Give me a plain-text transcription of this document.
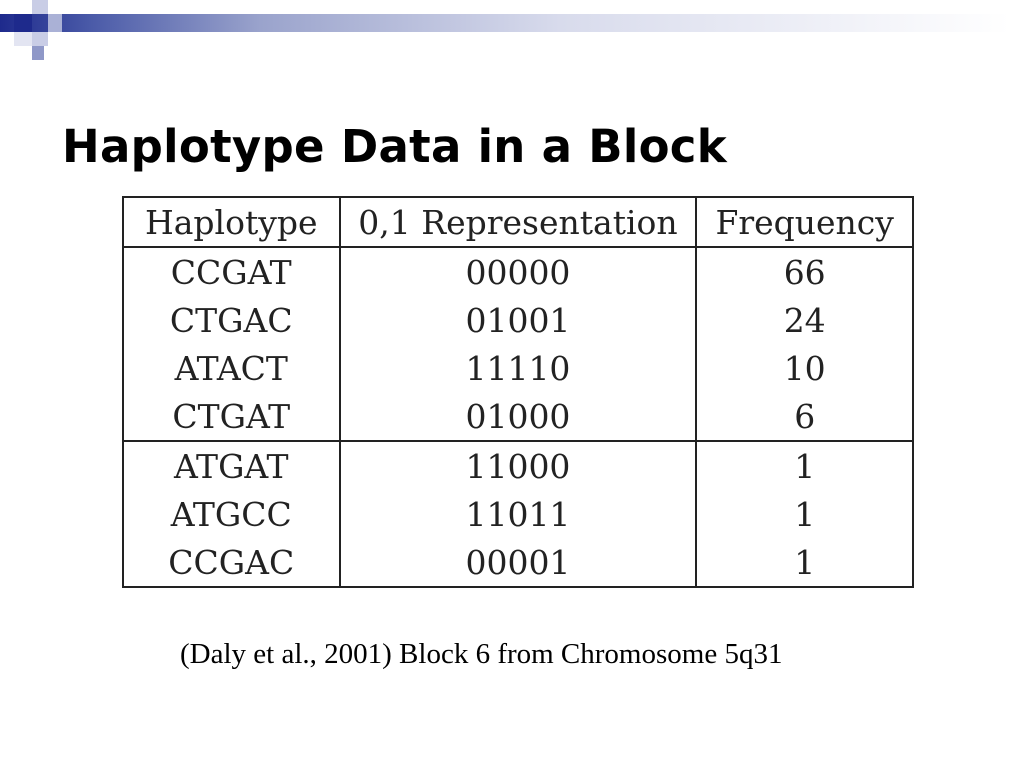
Haplotype Data in a Block
Haplotype	0,1 Representation	Frequency
CCGAT	00000	66
CTGAC	01001	24
ATACT	11110	10
CTGAT	01000	6
ATGAT	11000	1
ATGCC	11011	1
CCGAC	00001	1
(Daly et al., 2001) Block 6 from Chromosome 5q31
